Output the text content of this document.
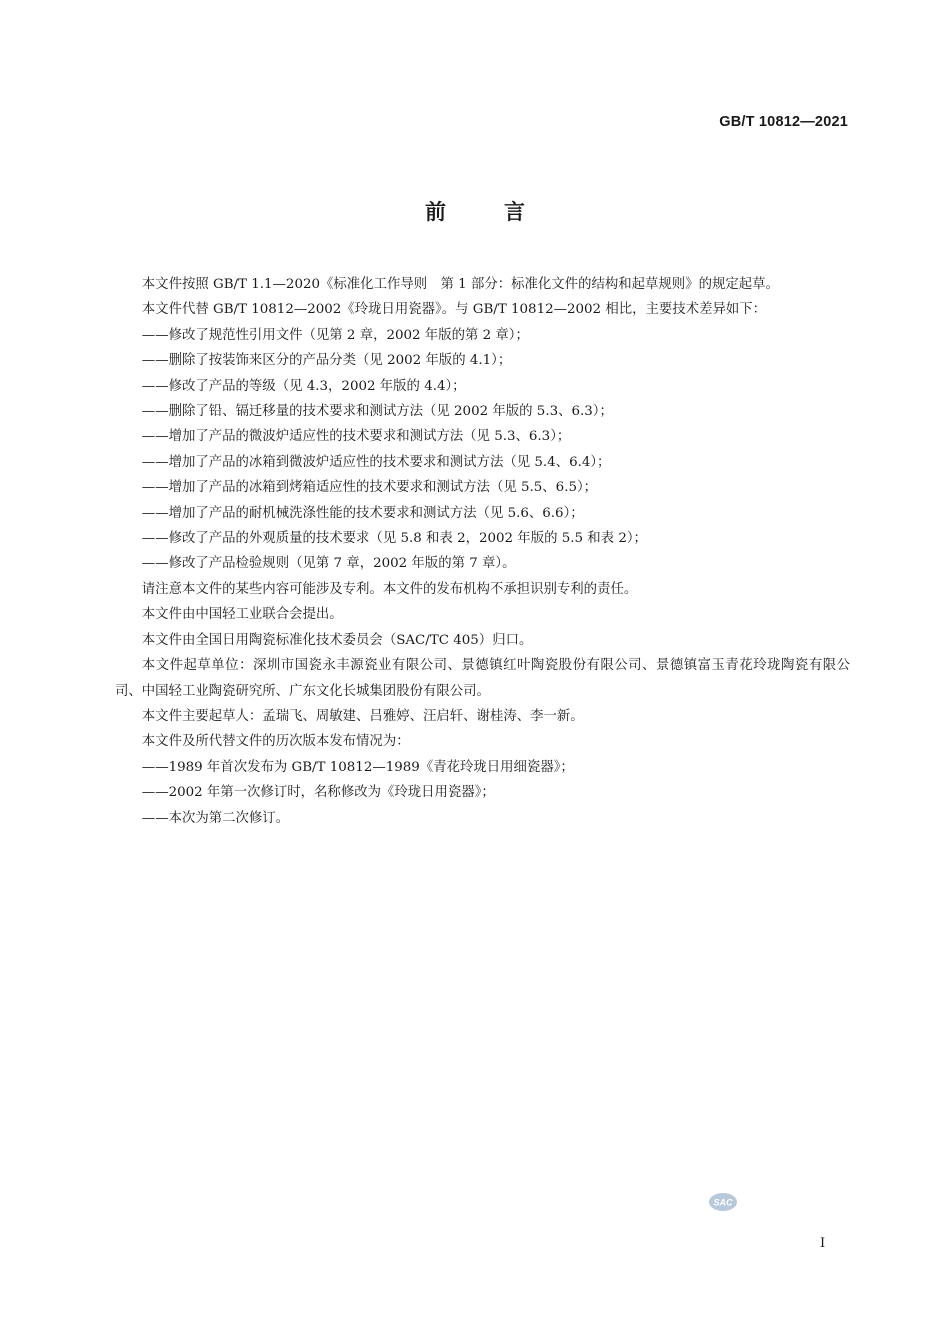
GB/T 10812—2021
前言

本文件按照 GB/T 1.1—2020《标准化工作导则　第 1 部分：标准化文件的结构和起草规则》的规定起草。

本文件代替 GB/T 10812—2002《玲珑日用瓷器》。与 GB/T 10812—2002 相比，主要技术差异如下：

——修改了规范性引用文件（见第 2 章，2002 年版的第 2 章）；

——删除了按装饰来区分的产品分类（见 2002 年版的 4.1）；

——修改了产品的等级（见 4.3，2002 年版的 4.4）；

——删除了铅、镉迁移量的技术要求和测试方法（见 2002 年版的 5.3、6.3）；

——增加了产品的微波炉适应性的技术要求和测试方法（见 5.3、6.3）；

——增加了产品的冰箱到微波炉适应性的技术要求和测试方法（见 5.4、6.4）；

——增加了产品的冰箱到烤箱适应性的技术要求和测试方法（见 5.5、6.5）；

——增加了产品的耐机械洗涤性能的技术要求和测试方法（见 5.6、6.6）；

——修改了产品的外观质量的技术要求（见 5.8 和表 2，2002 年版的 5.5 和表 2）；

——修改了产品检验规则（见第 7 章，2002 年版的第 7 章）。

请注意本文件的某些内容可能涉及专利。本文件的发布机构不承担识别专利的责任。

本文件由中国轻工业联合会提出。

本文件由全国日用陶瓷标准化技术委员会（SAC/TC 405）归口。

本文件起草单位：深圳市国瓷永丰源瓷业有限公司、景德镇红叶陶瓷股份有限公司、景德镇富玉青花玲珑陶瓷有限公司、中国轻工业陶瓷研究所、广东文化长城集团股份有限公司。

本文件主要起草人：孟瑞飞、周敏建、吕雅婷、汪启轩、谢桂涛、李一新。

本文件及所代替文件的历次版本发布情况为：

——1989 年首次发布为 GB/T 10812—1989《青花玲珑日用细瓷器》；

——2002 年第一次修订时，名称修改为《玲珑日用瓷器》；

——本次为第二次修订。

SAC
I
